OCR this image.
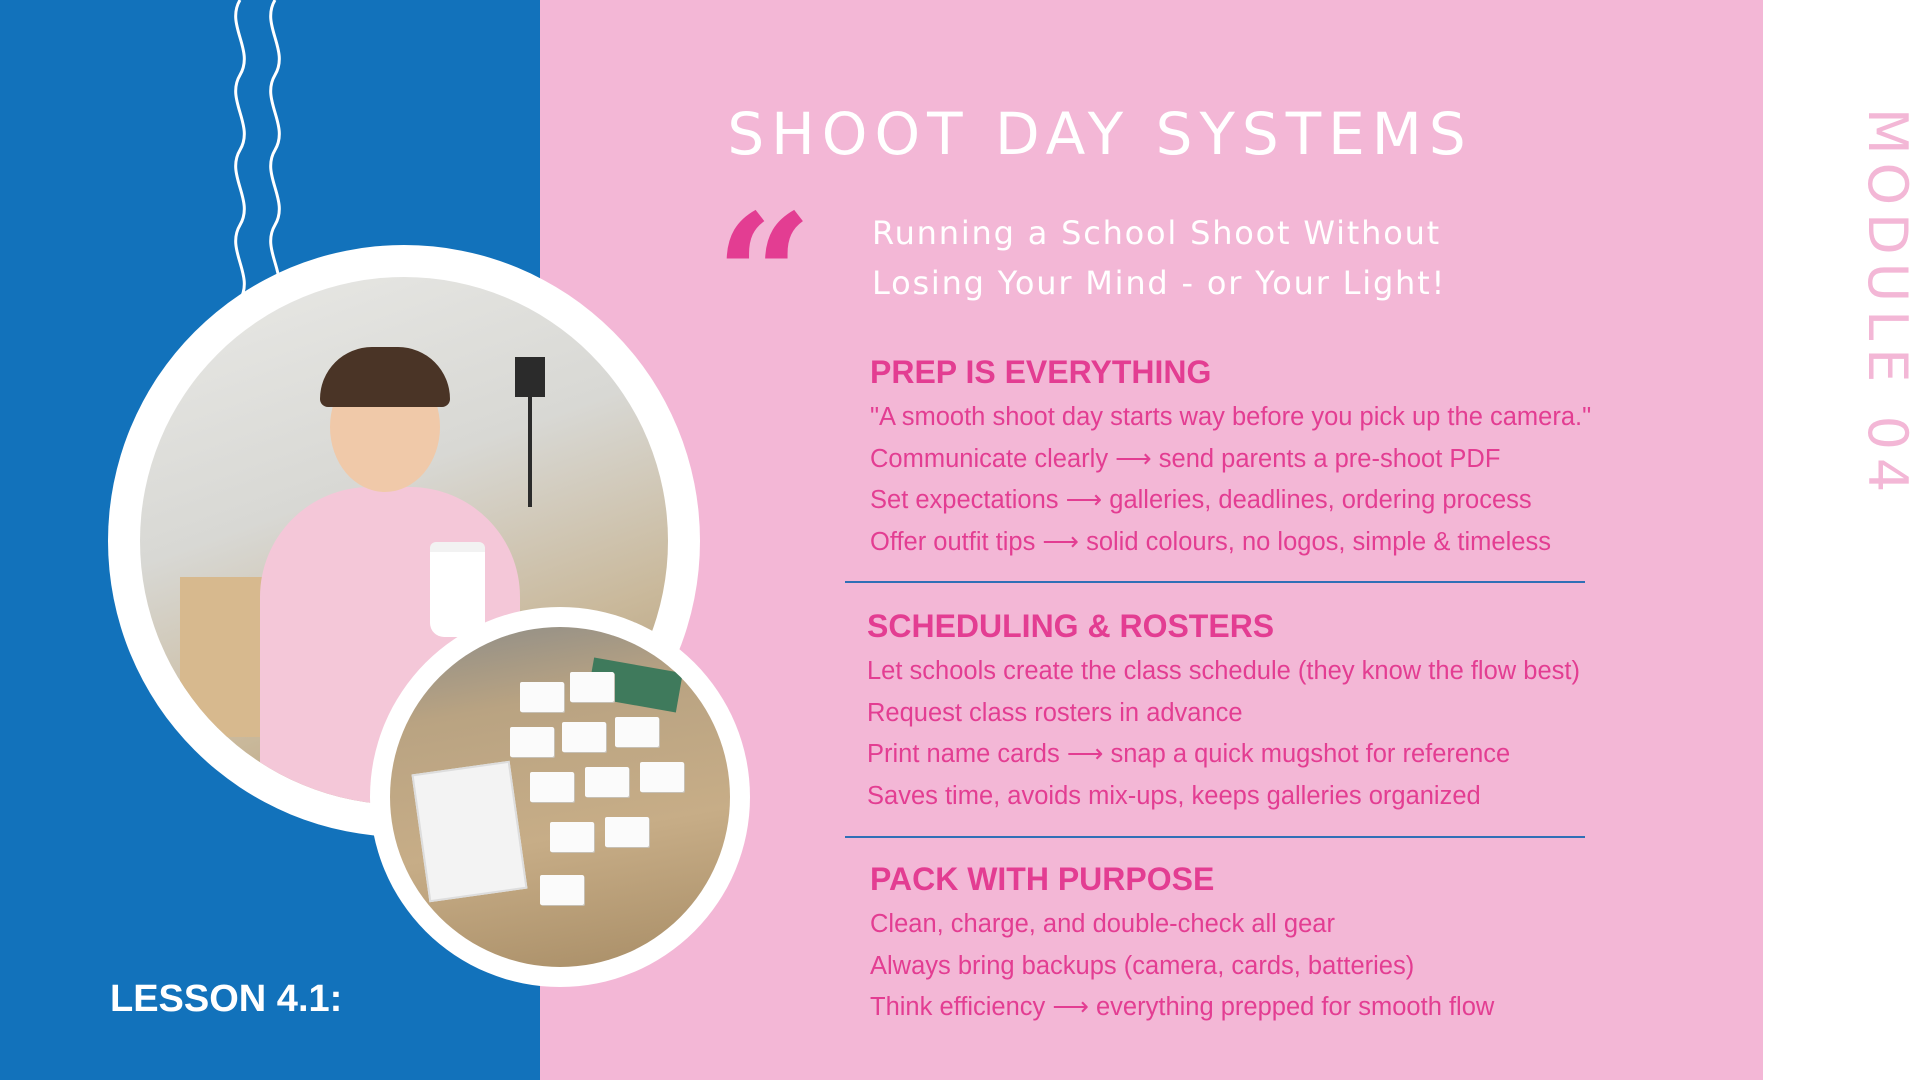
SHOOT DAY SYSTEMS
“ Running a School Shoot Without
Losing Your Mind - or Your Light!
PREP IS EVERYTHING
"A smooth shoot day starts way before you pick up the camera."
Communicate clearly ⟶ send parents a pre-shoot PDF
Set expectations ⟶ galleries, deadlines, ordering process
Offer outfit tips ⟶ solid colours, no logos, simple & timeless
SCHEDULING & ROSTERS
Let schools create the class schedule (they know the flow best)
Request class rosters in advance
Print name cards ⟶ snap a quick mugshot for reference
Saves time, avoids mix-ups, keeps galleries organized
PACK WITH PURPOSE
Clean, charge, and double-check all gear
Always bring backups (camera, cards, batteries)
Think efficiency ⟶ everything prepped for smooth flow
LESSON 4.1:
MODULE 04
